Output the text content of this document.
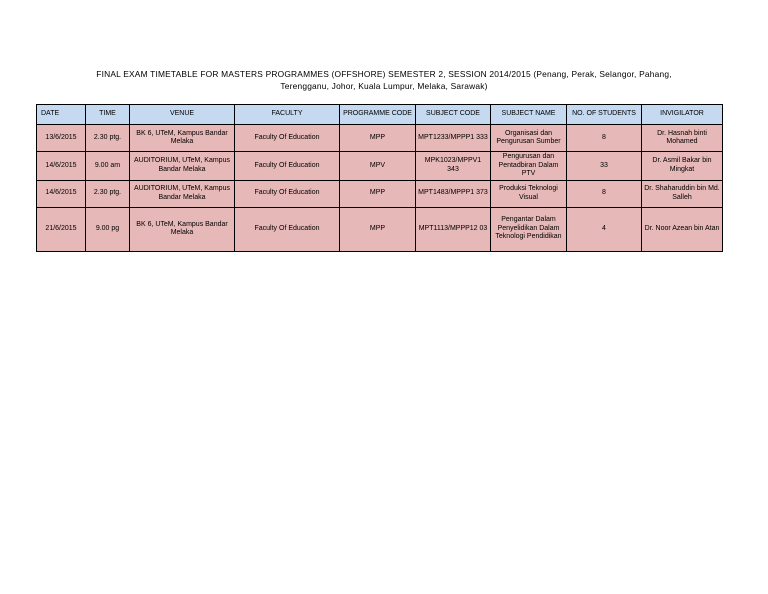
FINAL EXAM TIMETABLE FOR MASTERS PROGRAMMES (OFFSHORE) SEMESTER 2, SESSION 2014/2015 (Penang, Perak, Selangor, Pahang,
Terengganu, Johor, Kuala Lumpur, Melaka, Sarawak)
DATE	TIME	VENUE	FACULTY	PROGRAMME CODE	SUBJECT CODE	SUBJECT NAME	NO. OF STUDENTS	INVIGILATOR
13/6/2015	2.30 ptg.	BK 6, UTeM, Kampus Bandar Melaka	Faculty Of Education	MPP	MPT1233/MPPP1 333	Organisasi dan Pengurusan Sumber	8	Dr. Hasnah binti Mohamed
14/6/2015	9.00 am	AUDITORIUM, UTeM, Kampus Bandar Melaka	Faculty Of Education	MPV	MPK1023/MPPV1 343	Pengurusan dan Pentadbiran Dalam PTV	33	Dr. Asmil Bakar bin Mingkat
14/6/2015	2.30 ptg.	AUDITORIUM, UTeM, Kampus Bandar Melaka	Faculty Of Education	MPP	MPT1483/MPPP1 373	Produksi Teknologi Visual	8	Dr. Shaharuddin bin Md. Salleh
21/6/2015	9.00 pg	BK 6, UTeM, Kampus Bandar Melaka	Faculty Of Education	MPP	MPT1113/MPPP12 03	Pengantar Dalam Penyelidikan Dalam Teknologi Pendidikan	4	Dr. Noor Azean bin Atan
